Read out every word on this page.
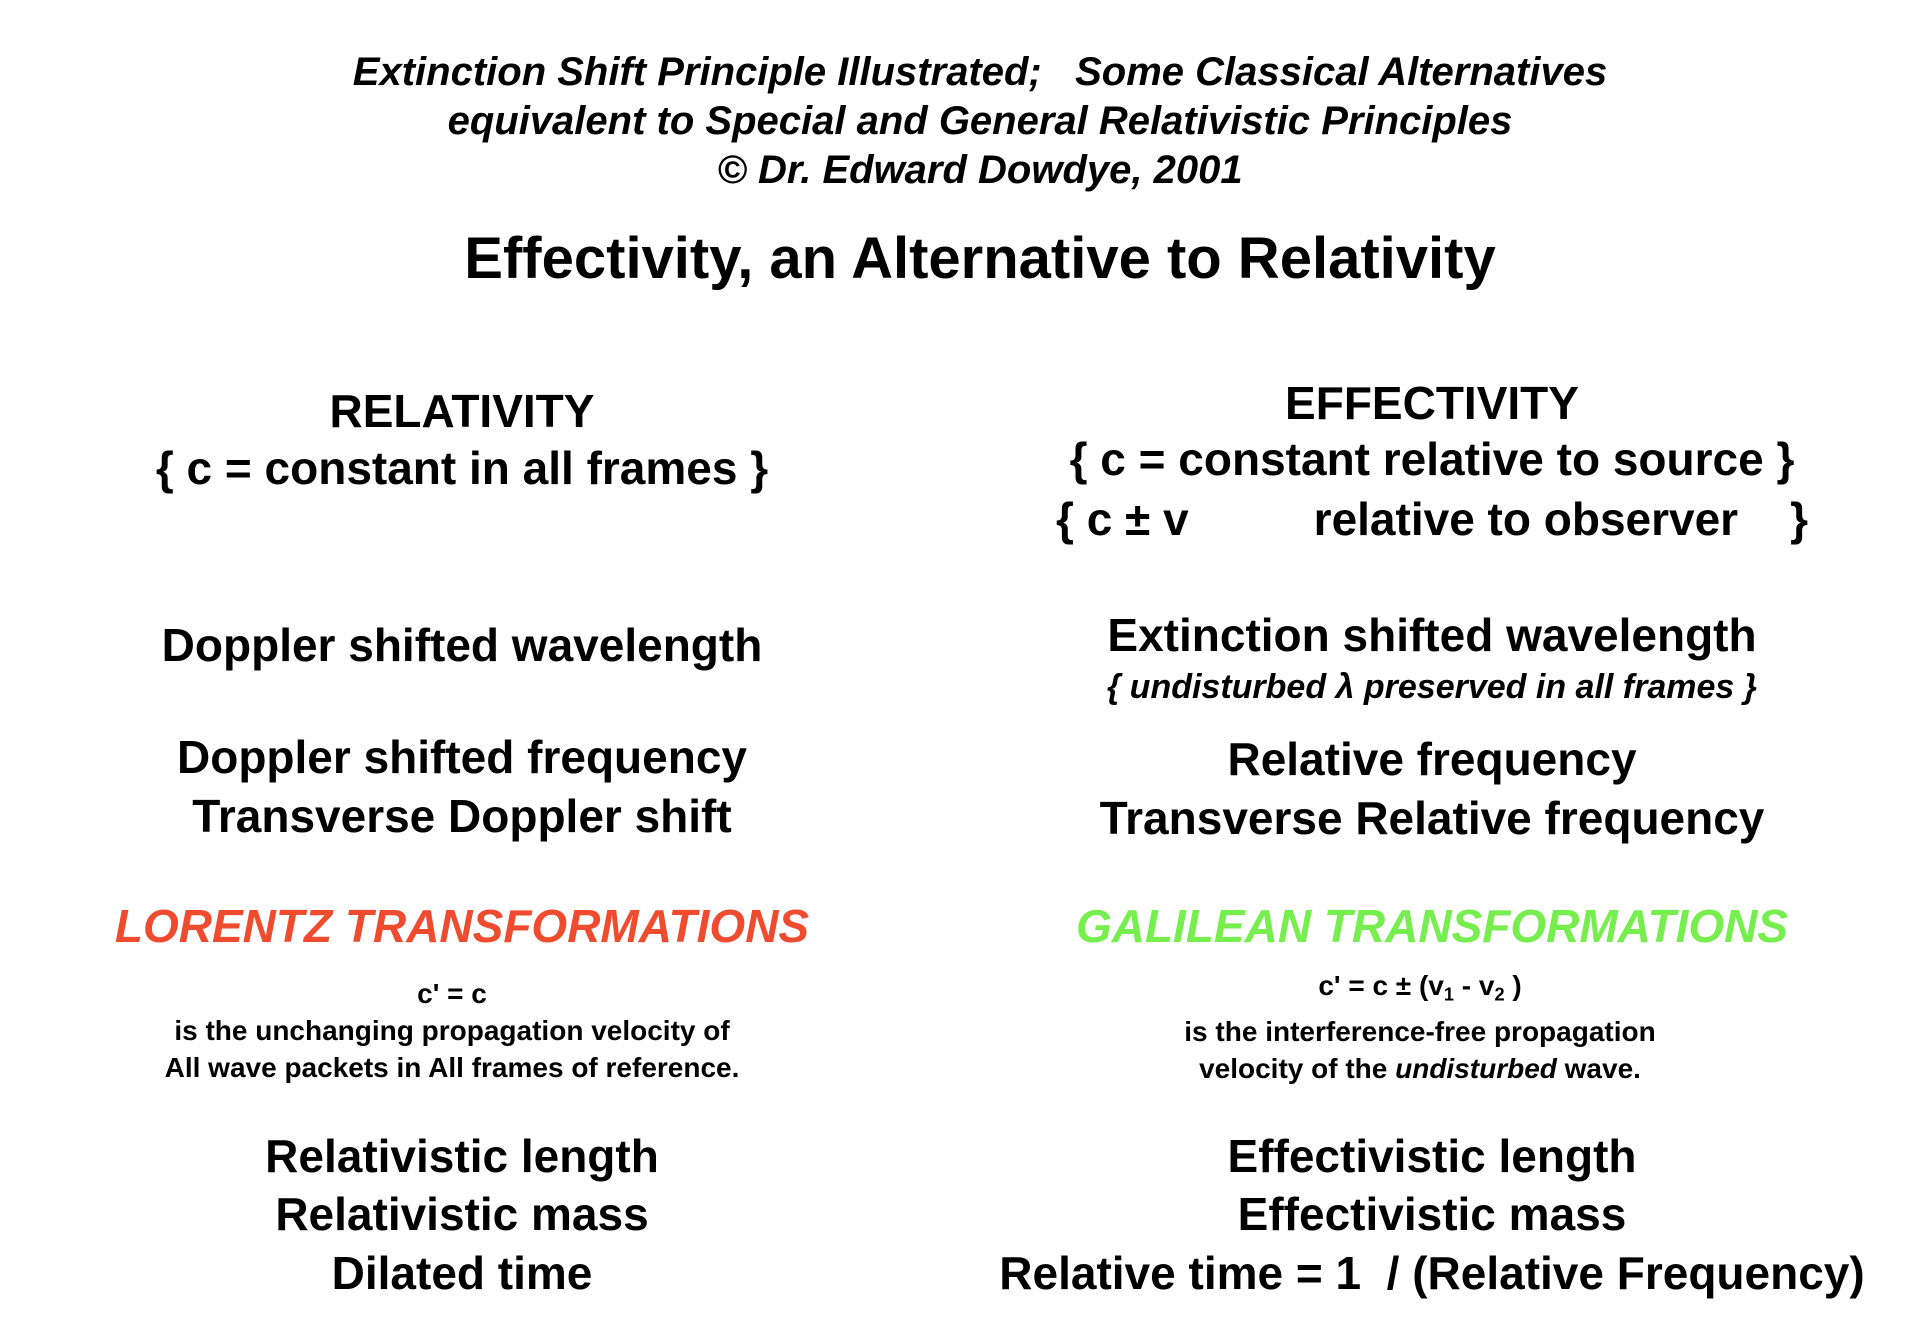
Extinction Shift Principle Illustrated;   Some Classical Alternatives
equivalent to Special and General Relativistic Principles
© Dr. Edward Dowdye, 2001
Effectivity, an Alternative to Relativity
RELATIVITY
{ c = constant in all frames }
Doppler shifted wavelength
Doppler shifted frequency
Transverse Doppler shift
LORENTZ TRANSFORMATIONS
c' = c
is the unchanging propagation velocity of
All wave packets in All frames of reference.
Relativistic length
Relativistic mass
Dilated time
EFFECTIVITY
{ c = constant relative to source }
{ c ± v	relative to observer }
Extinction shifted wavelength
{ undisturbed λ preserved in all frames }
Relative frequency
Transverse Relative frequency
GALILEAN TRANSFORMATIONS
$c' = c \pm (v_1 - v_2$ )
is the interference-free propagation
velocity of the undisturbed wave.
Effectivistic length
Effectivistic mass
Relative time = 1  / (Relative Frequency)
